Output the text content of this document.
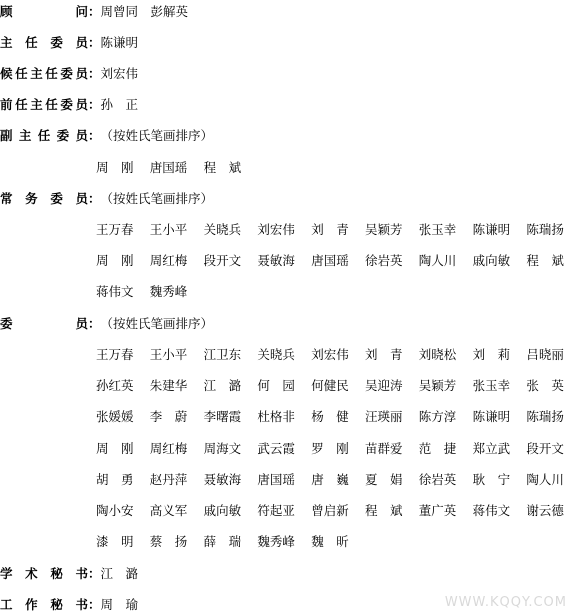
顾问：周曾同　彭解英
主任委员：陈谦明
候任主任委员：刘宏伟
前任主任委员：孙　正
副主任委员：（按姓氏笔画排序）
周　刚	唐国瑶	程　斌
常务委员：（按姓氏笔画排序）
王万春	王小平	关晓兵	刘宏伟	刘　青	吴颖芳	张玉幸	陈谦明	陈瑞扬
周　刚	周红梅	段开文	聂敏海	唐国瑶	徐岩英	陶人川	戚向敏	程　斌
蒋伟文	魏秀峰
委员：（按姓氏笔画排序）
王万春	王小平	江卫东	关晓兵	刘宏伟	刘　青	刘晓松	刘　莉	吕晓丽
孙红英	朱建华	江　潞	何　园	何健民	吴迎涛	吴颖芳	张玉幸	张　英
张媛媛	李　蔚	李曙霞	杜格非	杨　健	汪瑛丽	陈方淳	陈谦明	陈瑞扬
周　刚	周红梅	周海文	武云霞	罗　刚	苗群爱	范　捷	郑立武	段开文
胡　勇	赵丹萍	聂敏海	唐国瑶	唐　巍	夏　娟	徐岩英	耿　宁	陶人川
陶小安	高义军	戚向敏	符起亚	曾启新	程　斌	董广英	蒋伟文	谢云德
漆　明	蔡　扬	薛　瑞	魏秀峰	魏　昕
学术秘书：江　潞
工作秘书：周　瑜	WWW.KQQY.COM
